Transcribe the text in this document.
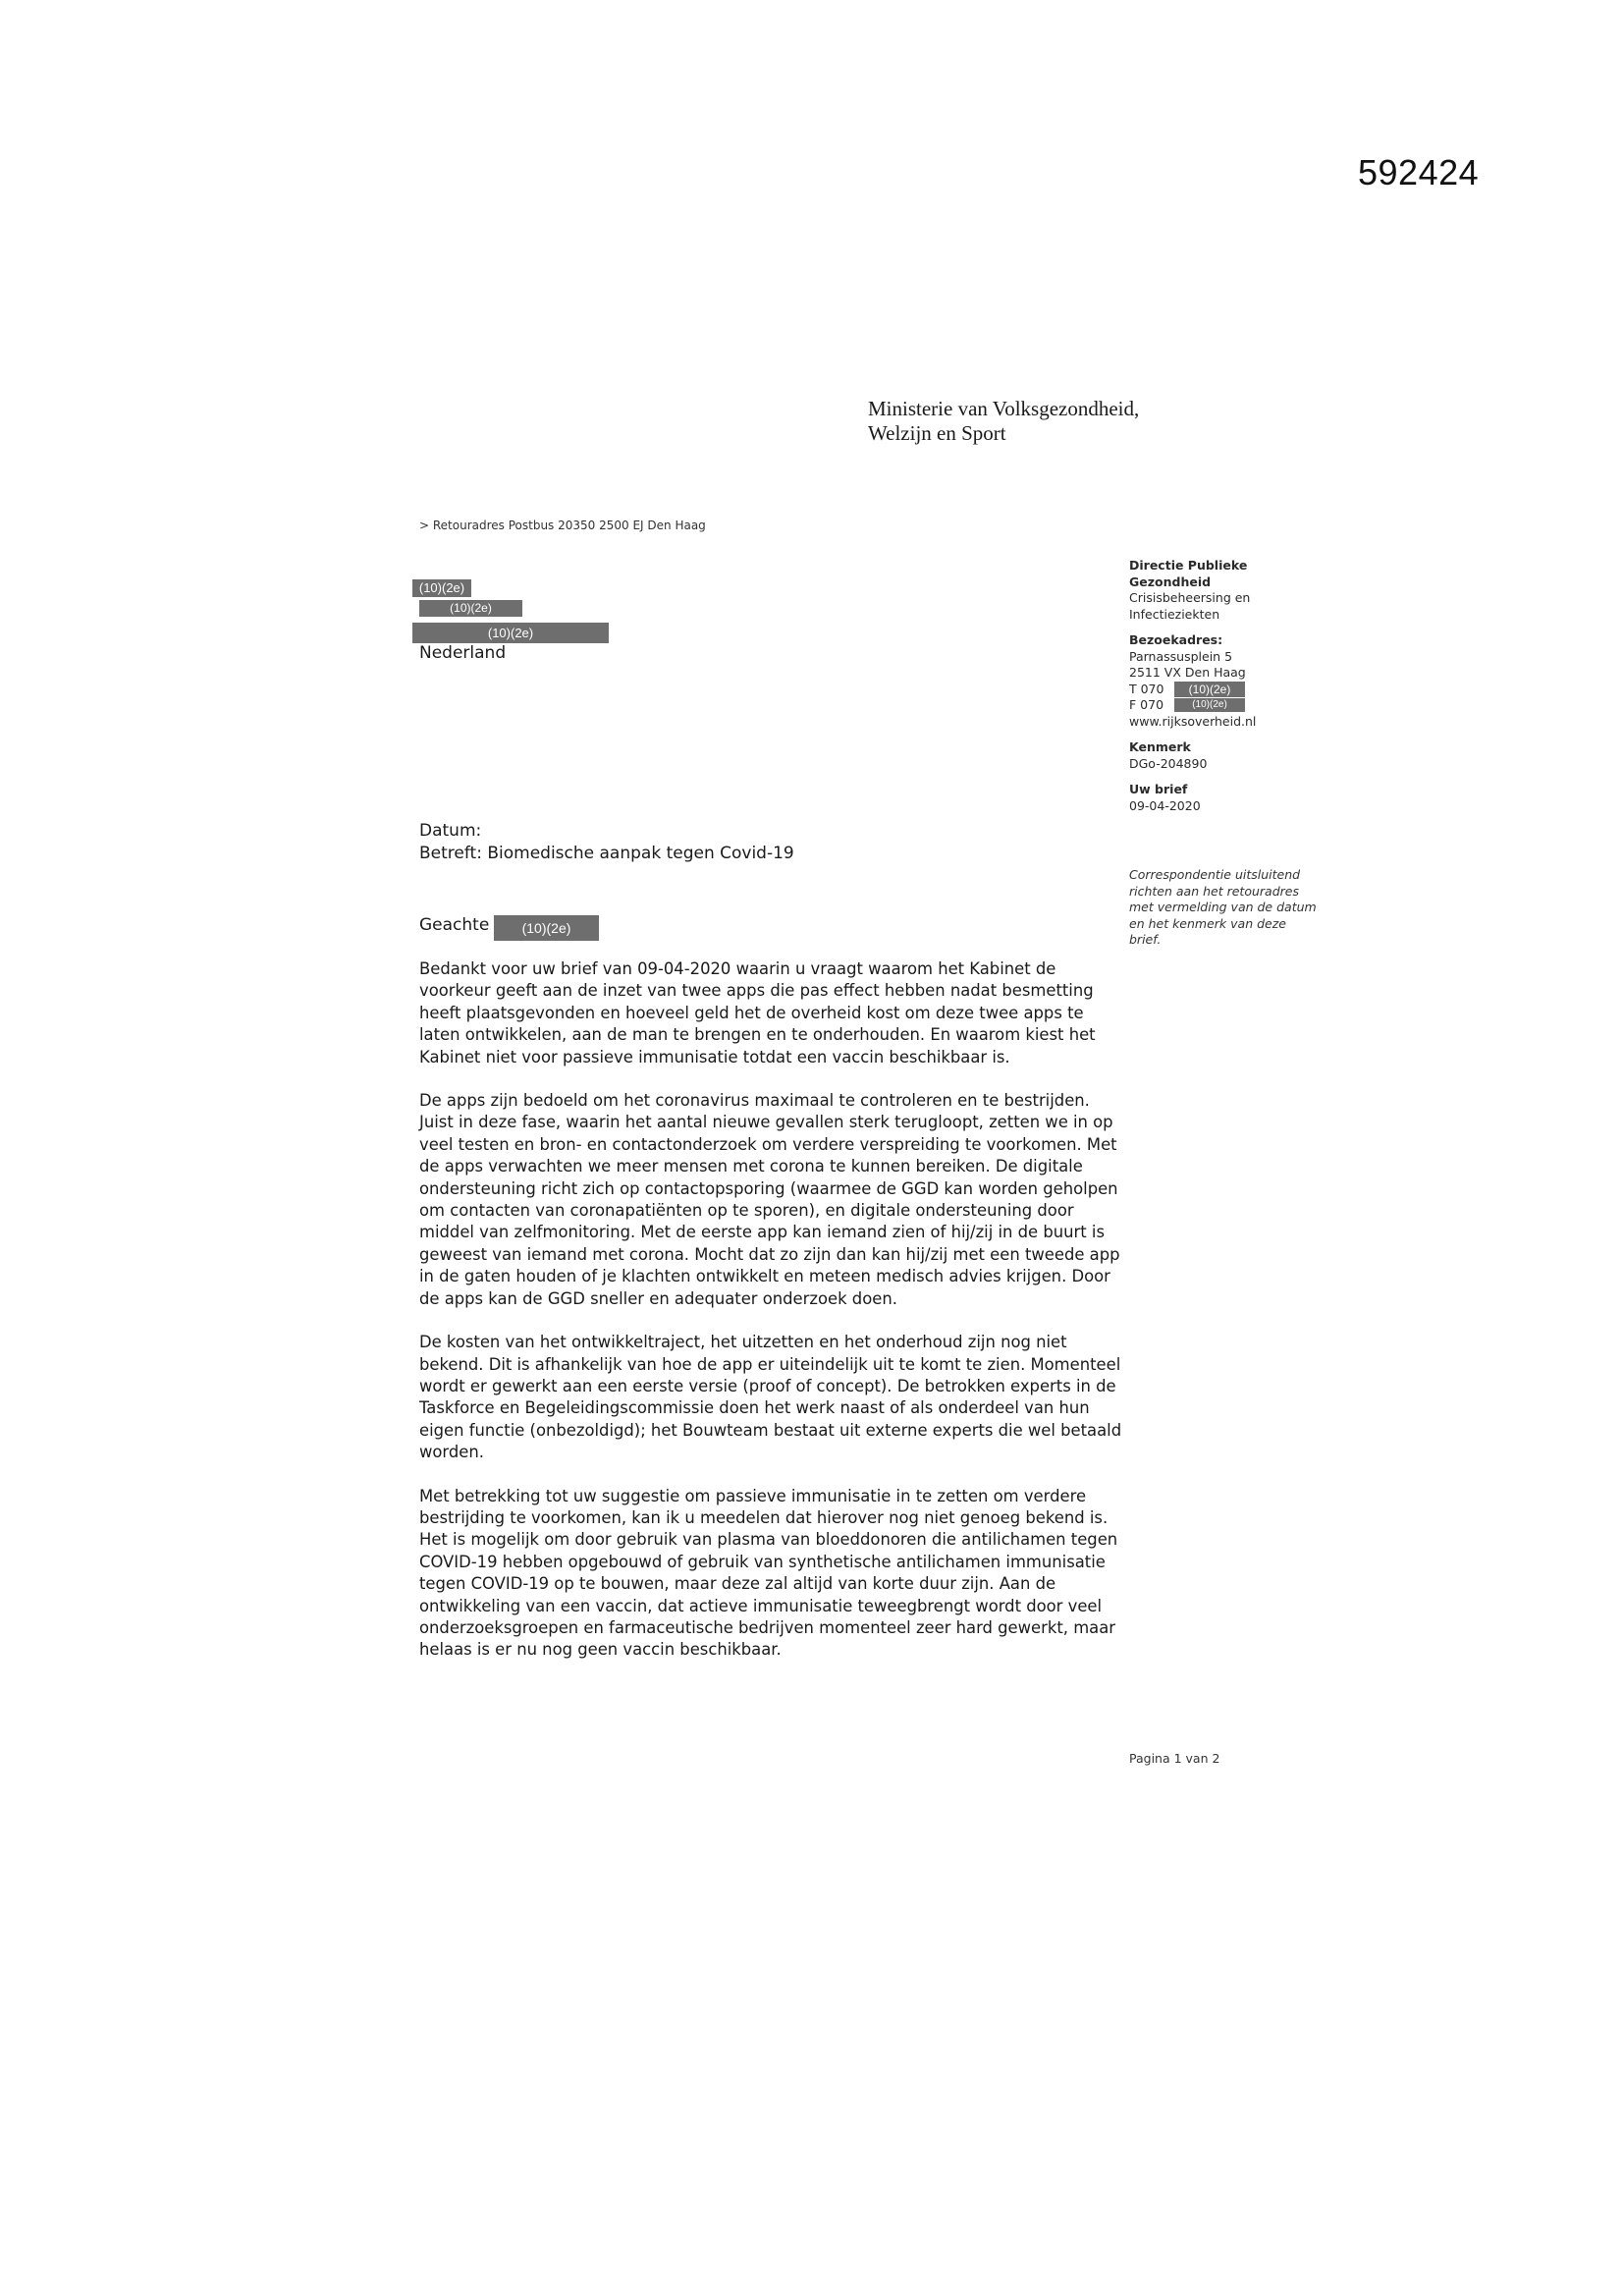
592424
Ministerie van Volksgezondheid,
Welzijn en Sport
> Retouradres Postbus 20350 2500 EJ Den Haag
(10)(2e)
(10)(2e)
(10)(2e)
Nederland
Directie Publieke
Gezondheid
Crisisbeheersing en
Infectieziekten
Bezoekadres:
Parnassusplein 5
2511 VX Den Haag
T 070	(10)(2e)
F 070	(10)(2e)
www.rijksoverheid.nl
Kenmerk
DGo-204890
Uw brief
09-04-2020
Correspondentie uitsluitend
richten aan het retouradres
met vermelding van de datum
en het kenmerk van deze
brief.
Datum:
Betreft: Biomedische aanpak tegen Covid-19
Geachte	(10)(2e)

Bedankt voor uw brief van 09-04-2020 waarin u vraagt waarom het Kabinet de voorkeur geeft aan de inzet van twee apps die pas effect hebben nadat besmetting heeft plaatsgevonden en hoeveel geld het de overheid kost om deze twee apps te laten ontwikkelen, aan de man te brengen en te onderhouden. En waarom kiest het Kabinet niet voor passieve immunisatie totdat een vaccin beschikbaar is.

De apps zijn bedoeld om het coronavirus maximaal te controleren en te bestrijden. Juist in deze fase, waarin het aantal nieuwe gevallen sterk terugloopt, zetten we in op veel testen en bron- en contactonderzoek om verdere verspreiding te voorkomen. Met de apps verwachten we meer mensen met corona te kunnen bereiken. De digitale ondersteuning richt zich op contactopsporing (waarmee de GGD kan worden geholpen om contacten van coronapatiënten op te sporen), en digitale ondersteuning door middel van zelfmonitoring. Met de eerste app kan iemand zien of hij/zij in de buurt is geweest van iemand met corona. Mocht dat zo zijn dan kan hij/zij met een tweede app in de gaten houden of je klachten ontwikkelt en meteen medisch advies krijgen. Door de apps kan de GGD sneller en adequater onderzoek doen.

De kosten van het ontwikkeltraject, het uitzetten en het onderhoud zijn nog niet bekend. Dit is afhankelijk van hoe de app er uiteindelijk uit te komt te zien. Momenteel wordt er gewerkt aan een eerste versie (proof of concept). De betrokken experts in de Taskforce en Begeleidingscommissie doen het werk naast of als onderdeel van hun eigen functie (onbezoldigd); het Bouwteam bestaat uit externe experts die wel betaald worden.

Met betrekking tot uw suggestie om passieve immunisatie in te zetten om verdere bestrijding te voorkomen, kan ik u meedelen dat hierover nog niet genoeg bekend is. Het is mogelijk om door gebruik van plasma van bloeddonoren die antilichamen tegen COVID-19 hebben opgebouwd of gebruik van synthetische antilichamen immunisatie tegen COVID-19 op te bouwen, maar deze zal altijd van korte duur zijn. Aan de ontwikkeling van een vaccin, dat actieve immunisatie teweegbrengt wordt door veel onderzoeksgroepen en farmaceutische bedrijven momenteel zeer hard gewerkt, maar helaas is er nu nog geen vaccin beschikbaar.

Pagina 1 van 2
